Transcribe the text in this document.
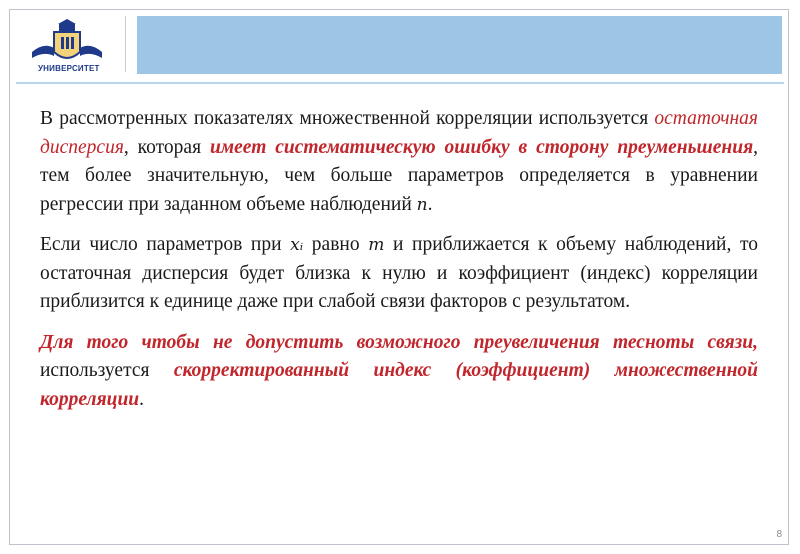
УНИВЕРСИТЕТ

В рассмотренных показателях множественной корреляции используется остаточная дисперсия, которая имеет систематическую ошибку в сторону преуменьшения, тем более значительную, чем больше параметров определяется в уравнении регрессии при заданном объеме наблюдений n.

Если число параметров при xᵢ равно m и приближается к объему наблюдений, то остаточная дисперсия будет близка к нулю и коэффициент (индекс) корреляции приблизится к единице даже при слабой связи факторов с результатом.

Для того чтобы не допустить возможного преувеличения тесноты связи, используется скорректированный индекс (коэффициент) множественной корреляции.

8
